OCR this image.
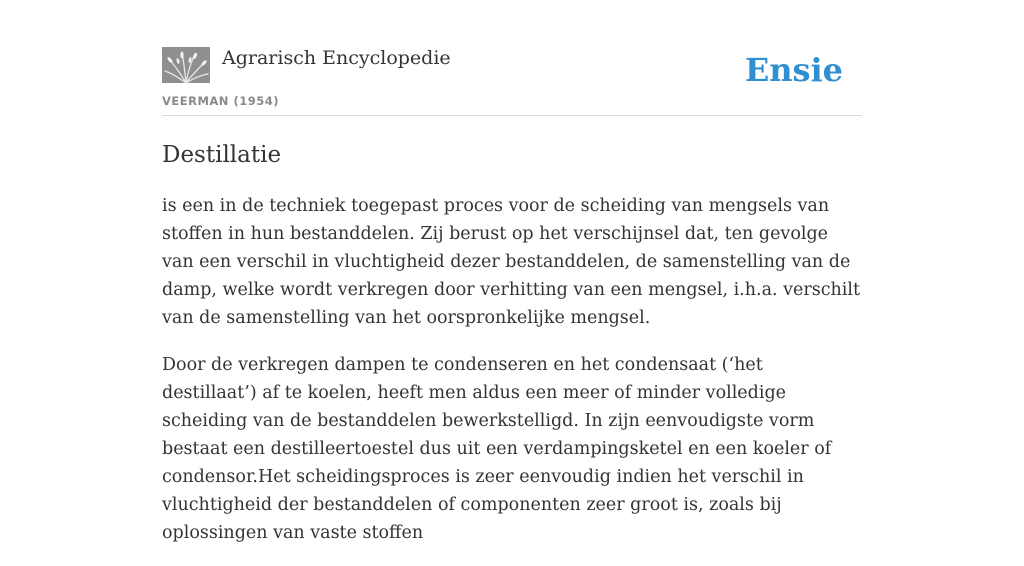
Agrarisch Encyclopedie
VEERMAN (1954)
Ensie
Destillatie

is een in de techniek toegepast proces voor de scheiding van mengsels van stoffen in hun bestanddelen. Zij berust op het verschijnsel dat, ten gevolge van een verschil in vluchtigheid dezer bestanddelen, de samenstelling van de damp, welke wordt verkregen door verhitting van een mengsel, i.h.a. verschilt van de samenstelling van het oorspronkelijke mengsel.

Door de verkregen dampen te condenseren en het condensaat (‘het destillaat’) af te koelen, heeft men aldus een meer of minder volledige scheiding van de bestanddelen bewerkstelligd. In zijn eenvoudigste vorm bestaat een destilleertoestel dus uit een verdampingsketel en een koeler of condensor.Het scheidingsproces is zeer eenvoudig indien het verschil in vluchtigheid der bestanddelen of componenten zeer groot is, zoals bij oplossingen van vaste stoffen
